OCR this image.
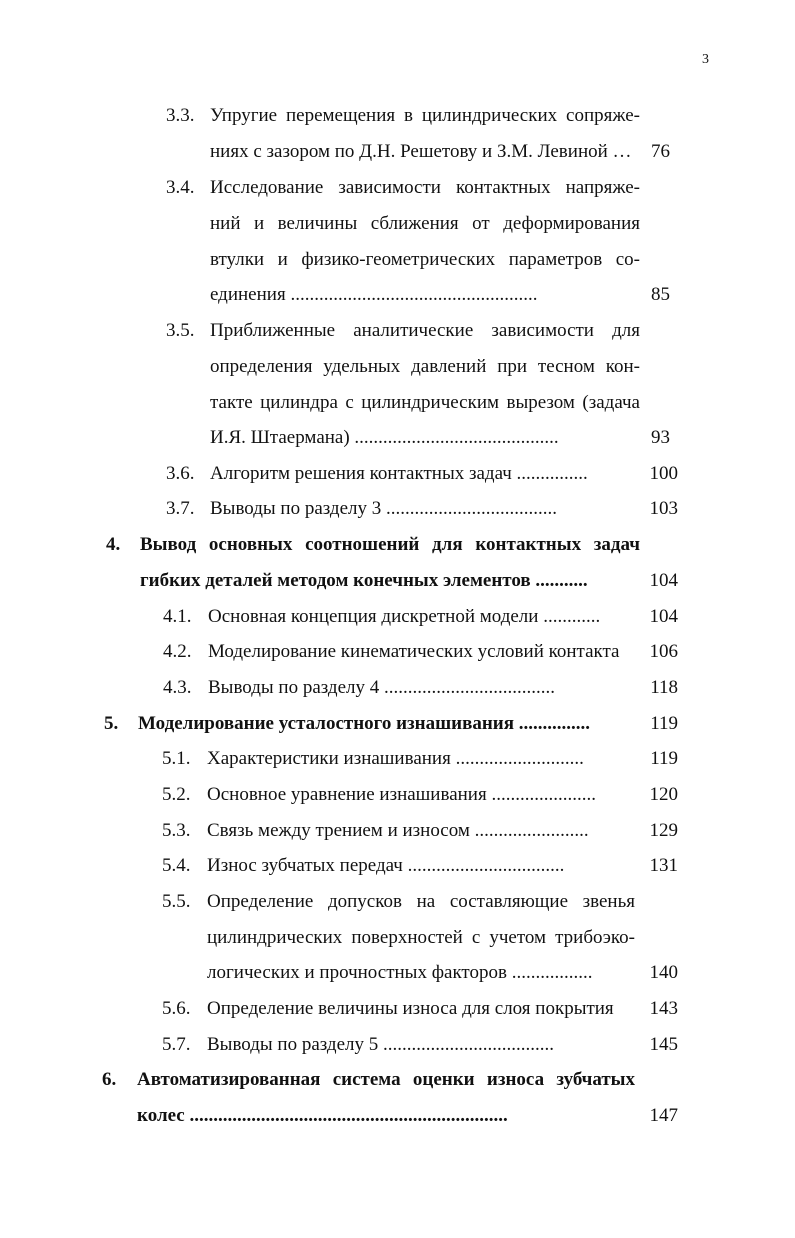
3
3.3. Упругие перемещения в цилиндрических сопряже-
ниях с зазором по Д.Н. Решетову и З.М. Левиной …	76
3.4. Исследование зависимости контактных напряже-
ний и величины сближения от деформирования
втулки и физико-геометрических параметров со-
единения ....................................................	85
3.5. Приближенные аналитические зависимости для
определения удельных давлений при тесном кон-
такте цилиндра с цилиндрическим вырезом (задача
И.Я. Штаермана) ...........................................	93
3.6. Алгоритм решения контактных задач ...............	100
3.7. Выводы по разделу 3 ....................................	103
4. Вывод основных соотношений для контактных задач
гибких деталей методом конечных элементов ...........	104
4.1. Основная концепция дискретной модели ............	104
4.2. Моделирование кинематических условий контакта	106
4.3. Выводы по разделу 4 ....................................	118
5. Моделирование усталостного изнашивания ...............	119
5.1. Характеристики изнашивания ...........................	119
5.2. Основное уравнение изнашивания ......................	120
5.3. Связь между трением и износом ........................	129
5.4. Износ зубчатых передач .................................	131
5.5. Определение допусков на составляющие звенья
цилиндрических поверхностей с учетом трибоэко-
логических и прочностных факторов .................	140
5.6. Определение величины износа для слоя покрытия	143
5.7. Выводы по разделу 5 ....................................	145
6. Автоматизированная система оценки износа зубчатых
колес ...................................................................	147
